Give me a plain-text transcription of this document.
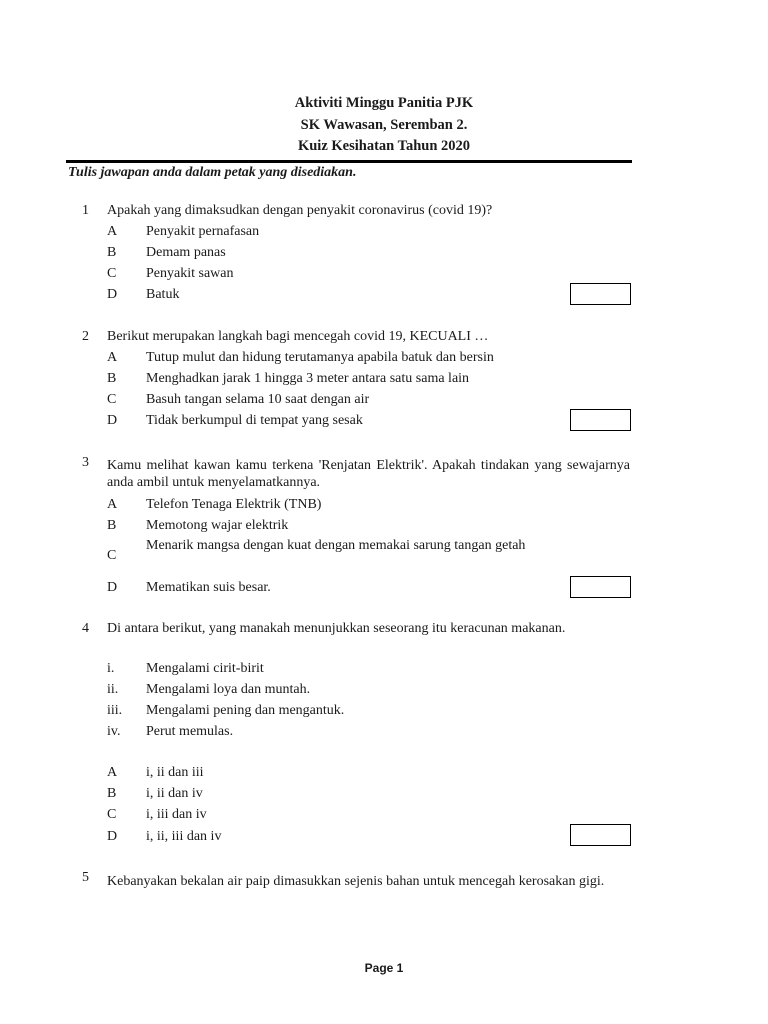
Aktiviti Minggu Panitia PJK
SK Wawasan, Seremban 2.
Kuiz Kesihatan Tahun 2020
Tulis jawapan anda dalam petak yang disediakan.
1 Apakah yang dimaksudkan dengan penyakit coronavirus (covid 19)?
A Penyakit pernafasan
B Demam panas
C Penyakit sawan
D Batuk
2 Berikut merupakan langkah bagi mencegah covid 19, KECUALI …
A Tutup mulut dan hidung terutamanya apabila batuk dan bersin
B Menghadkan jarak 1 hingga 3 meter antara satu sama lain
C Basuh tangan selama 10 saat dengan air
D Tidak berkumpul di tempat yang sesak
3 Kamu melihat kawan kamu terkena 'Renjatan Elektrik'. Apakah tindakan yang sewajarnya anda ambil untuk menyelamatkannya.
A Telefon Tenaga Elektrik (TNB)
B Memotong wajar elektrik
C
Menarik mangsa dengan kuat dengan memakai sarung tangan getah
D Mematikan suis besar.
4 Di antara berikut, yang manakah menunjukkan seseorang itu keracunan makanan.
i. Mengalami cirit-birit
ii. Mengalami loya dan muntah.
iii. Mengalami pening dan mengantuk.
iv. Perut memulas.
A i, ii dan iii
B i, ii dan iv
C i, iii dan iv
D i, ii, iii dan iv
5 Kebanyakan bekalan air paip dimasukkan sejenis bahan untuk mencegah kerosakan gigi.
Page 1
